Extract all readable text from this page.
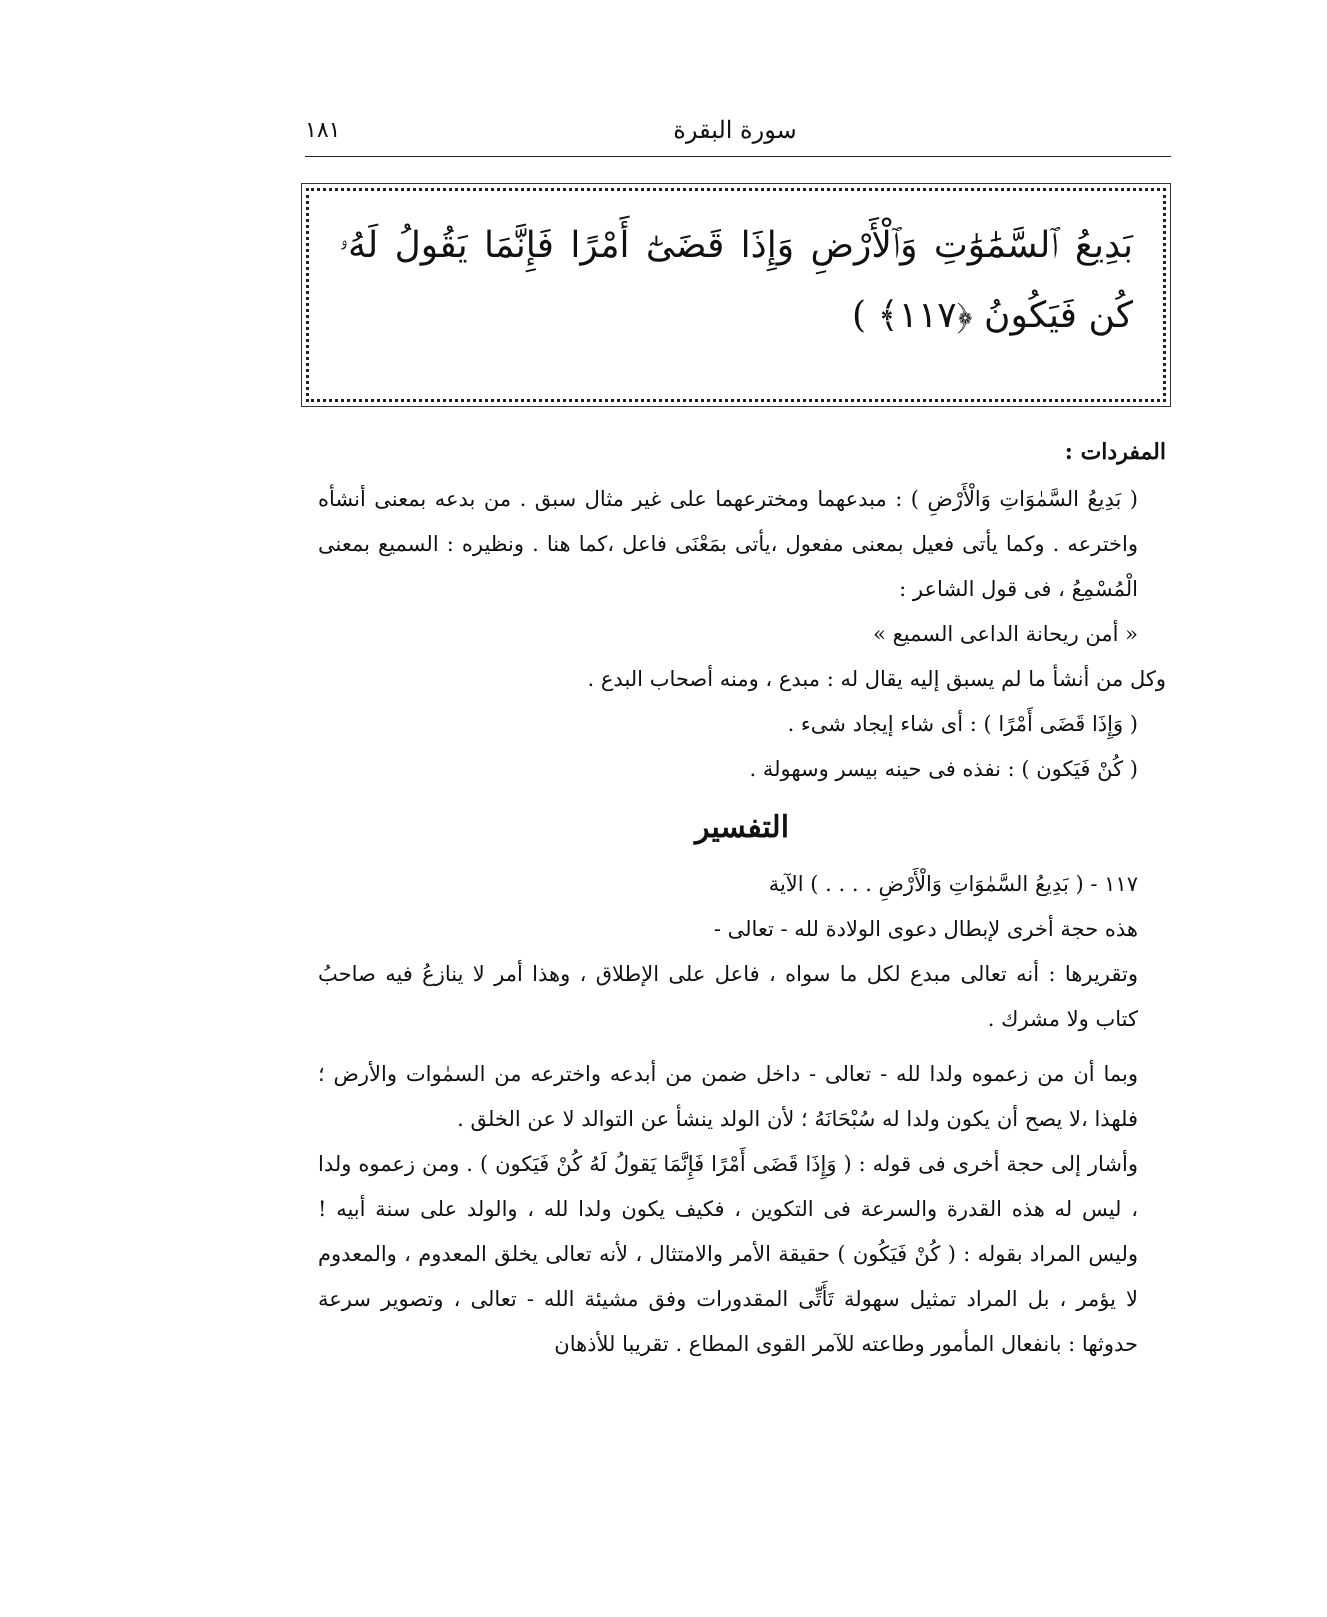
١٨١	سورة البقرة
بَدِيعُ ٱلسَّمَٰوَٰتِ وَٱلْأَرْضِ وَإِذَا قَضَىٰٓ أَمْرًا فَإِنَّمَا يَقُولُ لَهُۥ كُن فَيَكُونُ ﴿١١٧﴾ )

المفردات :

( بَدِيعُ السَّمٰوَاتِ وَالْأَرْضِ ) : مبدعهما ومخترعهما على غير مثال سبق . من بدعه بمعنى أنشأه واخترعه . وكما يأتى فعيل بمعنى مفعول ،يأتى بمَعْنَى فاعل ،كما هنا . ونظيره : السميع بمعنى الْمُسْمِعُ ، فى قول الشاعر :

« أمن ريحانة الداعى السميع »

وكل من أنشأ ما لم يسبق إليه يقال له : مبدع ، ومنه أصحاب البدع .

( وَإِذَا قَضَى أَمْرًا ) : أى شاء إيجاد شىء .

( كُنْ فَيَكون ) : نفذه فى حينه بيسر وسهولة .

التفسير

١١٧ - ( بَدِيعُ السَّمٰوَاتِ وَالْأَرْضِ . . . . ) الآية

هذه حجة أخرى لإبطال دعوى الولادة لله - تعالى -

وتقريرها : أنه تعالى مبدع لكل ما سواه ، فاعل على الإطلاق ، وهذا أمر لا ينازعُ فيه صاحبُ كتاب ولا مشرك .

وبما أن من زعموه ولدا لله - تعالى - داخل ضمن من أبدعه واخترعه من السمٰوات والأرض ؛ فلهذا ،لا يصح أن يكون ولدا له سُبْحَانَهُ ؛ لأن الولد ينشأ عن التوالد لا عن الخلق .

وأشار إلى حجة أخرى فى قوله : ( وَإِذَا قَضَى أَمْرًا فَإِنَّمَا يَقولُ لَهُ كُنْ فَيَكون ) . ومن زعموه ولدا ، ليس له هذه القدرة والسرعة فى التكوين ، فكيف يكون ولدا لله ، والولد على سنة أبيه ! وليس المراد بقوله : ( كُنْ فَيَكُون ) حقيقة الأمر والامتثال ، لأنه تعالى يخلق المعدوم ، والمعدوم لا يؤمر ، بل المراد تمثيل سهولة تَأَتِّى المقدورات وفق مشيئة الله - تعالى ، وتصوير سرعة حدوثها : بانفعال المأمور وطاعته للآمر القوى المطاع . تقريبا للأذهان
